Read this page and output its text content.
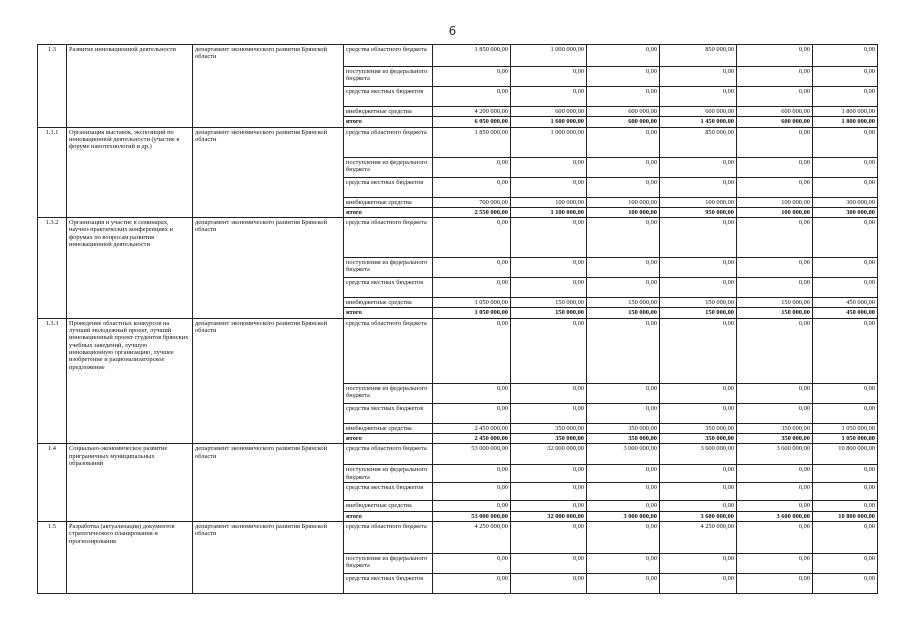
6
1.3	Развитие инновационной деятельности	департамент экономического развития Брянской области	средства областного бюджета	1 850 000,00	1 000 000,00	0,00	850 000,00	0,00	0,00
			поступления из федерального бюджета	0,00	0,00	0,00	0,00	0,00	0,00
			средства местных бюджетов	0,00	0,00	0,00	0,00	0,00	0,00
			внебюджетные средства	4 200 000,00	600 000,00	600 000,00	600 000,00	600 000,00	1 800 000,00
			итого	6 050 000,00	1 600 000,00	600 000,00	1 450 000,00	600 000,00	1 800 000,00
1.3.1	Организация выставок, экспозиций по инновационной деятельности (участие в форуме нанотехнологий и др.)	департамент экономического развития Брянской области	средства областного бюджета	1 850 000,00	1 000 000,00	0,00	850 000,00	0,00	0,00
			поступления из федерального бюджета	0,00	0,00	0,00	0,00	0,00	0,00
			средства местных бюджетов	0,00	0,00	0,00	0,00	0,00	0,00
			внебюджетные средства	700 000,00	100 000,00	100 000,00	100 000,00	100 000,00	300 000,00
			итого	2 550 000,00	1 100 000,00	100 000,00	950 000,00	100 000,00	300 000,00
1.3.2	Организация и участие в семинарах, научно-практических конференциях и форумах по вопросам развития инновационной деятельности	департамент экономического развития Брянской области	средства областного бюджета	0,00	0,00	0,00	0,00	0,00	0,00
			поступления из федерального бюджета	0,00	0,00	0,00	0,00	0,00	0,00
			средства местных бюджетов	0,00	0,00	0,00	0,00	0,00	0,00
			внебюджетные средства	1 050 000,00	150 000,00	150 000,00	150 000,00	150 000,00	450 000,00
			итого	1 050 000,00	150 000,00	150 000,00	150 000,00	150 000,00	450 000,00
1.3.3	Проведение областных конкурсов на лучший молодежный проект, лучший инновационный проект студентов брянских учебных заведений, лучшую инновационную организацию, лучшее изобретение и рационализаторское предложение	департамент экономического развития Брянской области	средства областного бюджета	0,00	0,00	0,00	0,00	0,00	0,00
			поступления из федерального бюджета	0,00	0,00	0,00	0,00	0,00	0,00
			средства местных бюджетов	0,00	0,00	0,00	0,00	0,00	0,00
			внебюджетные средства	2 450 000,00	350 000,00	350 000,00	350 000,00	350 000,00	1 050 000,00
			итого	2 450 000,00	350 000,00	350 000,00	350 000,00	350 000,00	1 050 000,00
1.4	Социально-экономическое развитие приграничных муниципальных образований	департамент экономического развития Брянской области	средства областного бюджета	53 000 000,00	32 000 000,00	3 000 000,00	3 600 000,00	3 600 000,00	10 800 000,00
			поступления из федерального бюджета	0,00	0,00	0,00	0,00	0,00	0,00
			средства местных бюджетов	0,00	0,00	0,00	0,00	0,00	0,00
			внебюджетные средства	0,00	0,00	0,00	0,00	0,00	0,00
			итого	53 000 000,00	32 000 000,00	3 000 000,00	3 600 000,00	3 600 000,00	10 800 000,00
1.5	Разработка (актуализация) документов стратегического планирования и прогнозирования	департамент экономического развития Брянской области	средства областного бюджета	4 250 000,00	0,00	0,00	4 250 000,00	0,00	0,00
			поступления из федерального бюджета	0,00	0,00	0,00	0,00	0,00	0,00
			средства местных бюджетов	0,00	0,00	0,00	0,00	0,00	0,00
